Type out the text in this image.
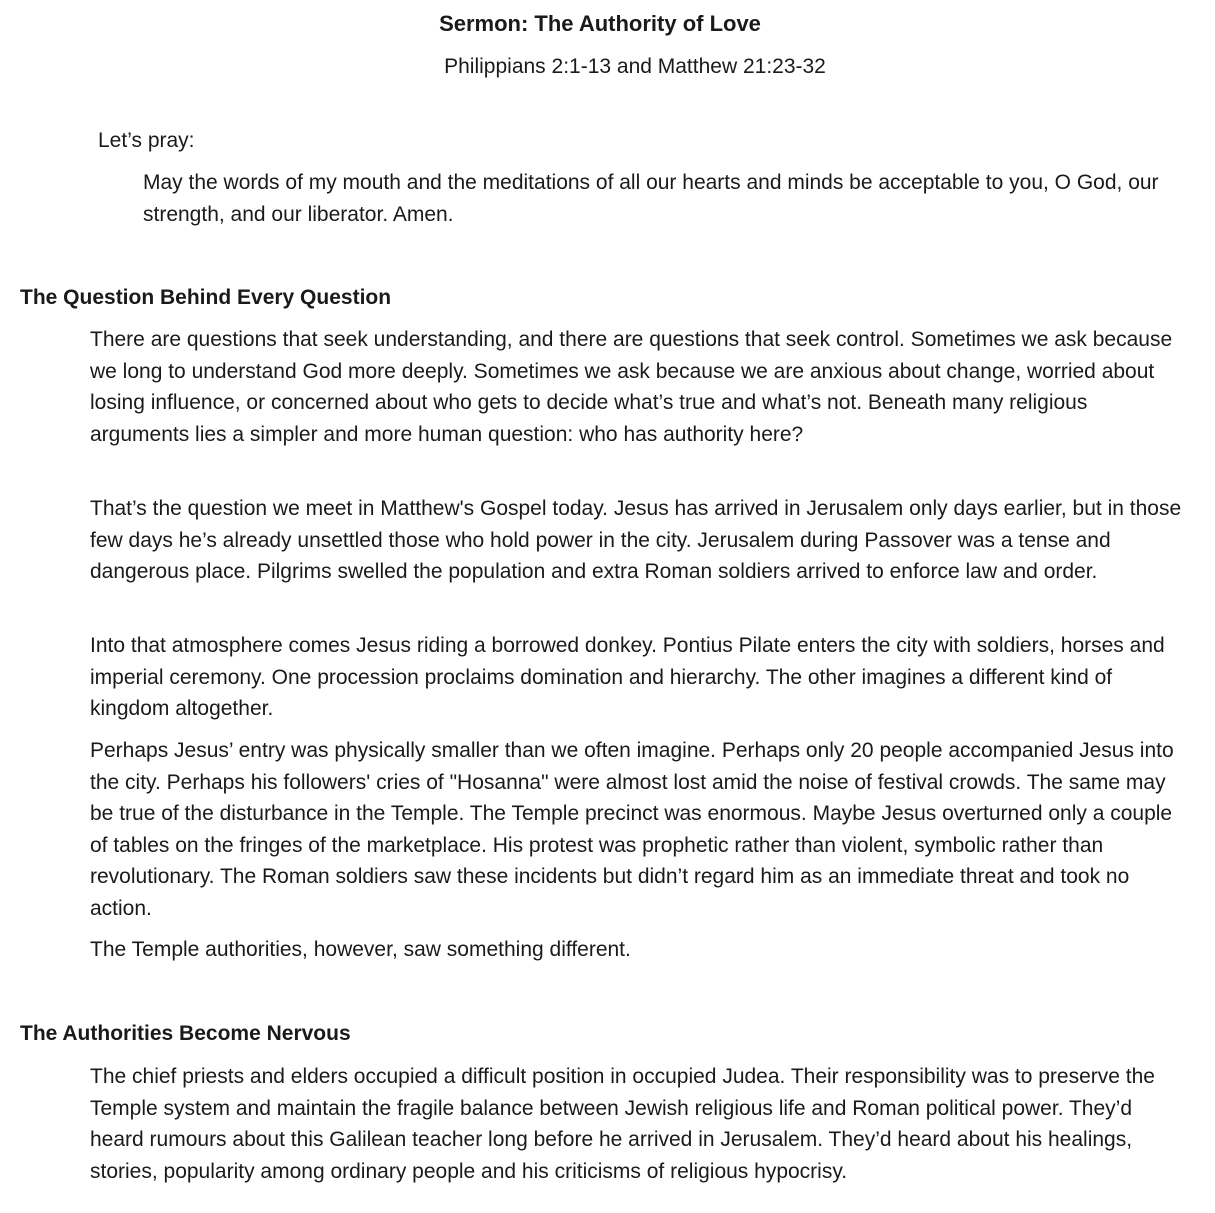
Sermon: The Authority of Love
Philippians 2:1-13 and Matthew 21:23-32
Let’s pray:
May the words of my mouth and the meditations of all our hearts and minds be acceptable to you, O God, our strength, and our liberator. Amen.
The Question Behind Every Question
There are questions that seek understanding, and there are questions that seek control. Sometimes we ask because we long to understand God more deeply. Sometimes we ask because we are anxious about change, worried about losing influence, or concerned about who gets to decide what’s true and what’s not. Beneath many religious arguments lies a simpler and more human question: who has authority here?
That’s the question we meet in Matthew's Gospel today. Jesus has arrived in Jerusalem only days earlier, but in those few days he’s already unsettled those who hold power in the city. Jerusalem during Passover was a tense and dangerous place. Pilgrims swelled the population and extra Roman soldiers arrived to enforce law and order.
Into that atmosphere comes Jesus riding a borrowed donkey. Pontius Pilate enters the city with soldiers, horses and imperial ceremony. One procession proclaims domination and hierarchy. The other imagines a different kind of kingdom altogether.
Perhaps Jesus’ entry was physically smaller than we often imagine. Perhaps only 20 people accompanied Jesus into the city. Perhaps his followers' cries of "Hosanna" were almost lost amid the noise of festival crowds. The same may be true of the disturbance in the Temple. The Temple precinct was enormous. Maybe Jesus overturned only a couple of tables on the fringes of the marketplace. His protest was prophetic rather than violent, symbolic rather than revolutionary. The Roman soldiers saw these incidents but didn’t regard him as an immediate threat and took no action.
The Temple authorities, however, saw something different.
The Authorities Become Nervous
The chief priests and elders occupied a difficult position in occupied Judea. Their responsibility was to preserve the Temple system and maintain the fragile balance between Jewish religious life and Roman political power. They’d heard rumours about this Galilean teacher long before he arrived in Jerusalem. They’d heard about his healings, stories, popularity among ordinary people and his criticisms of religious hypocrisy.
